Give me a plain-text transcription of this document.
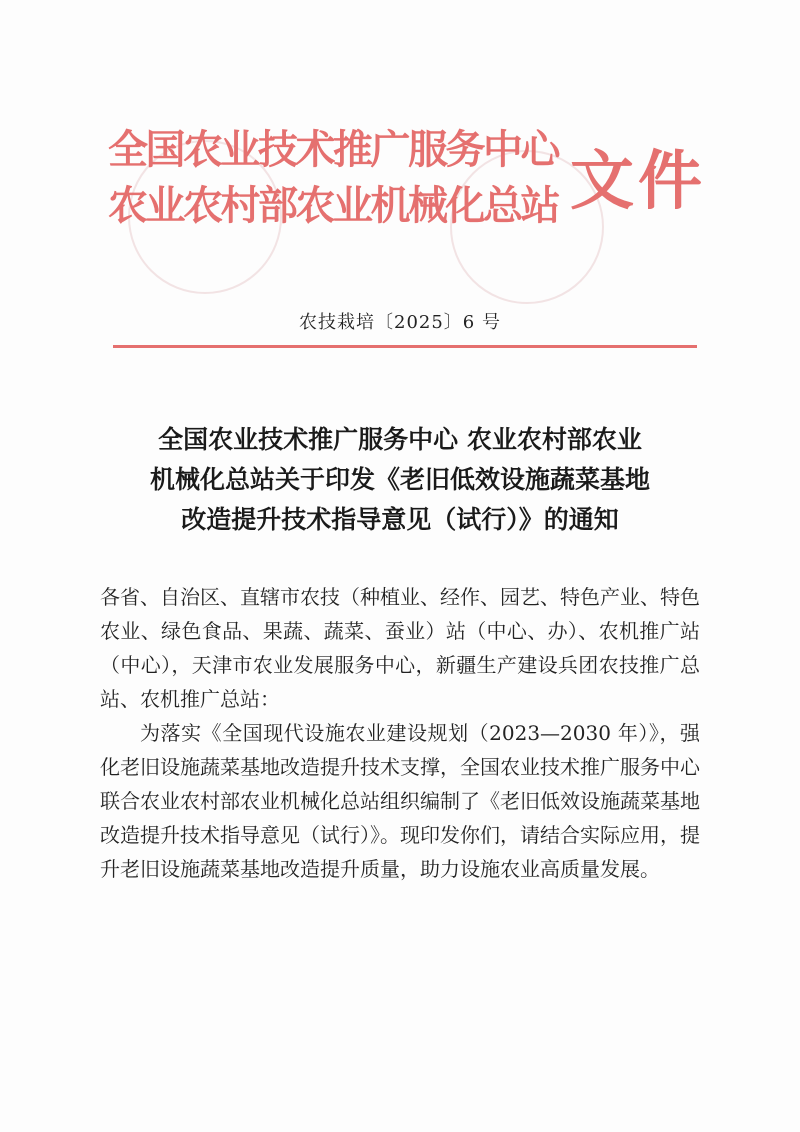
全国农业技术推广服务中心
农业农村部农业机械化总站 文件
农技栽培〔2025〕6 号
全国农业技术推广服务中心 农业农村部农业
机械化总站关于印发《老旧低效设施蔬菜基地
改造提升技术指导意见（试行）》的通知

各省、自治区、直辖市农技（种植业、经作、园艺、特色产业、特色农业、绿色食品、果蔬、蔬菜、蚕业）站（中心、办）、农机推广站（中心），天津市农业发展服务中心，新疆生产建设兵团农技推广总站、农机推广总站：

为落实《全国现代设施农业建设规划（2023—2030 年）》，强化老旧设施蔬菜基地改造提升技术支撑，全国农业技术推广服务中心联合农业农村部农业机械化总站组织编制了《老旧低效设施蔬菜基地改造提升技术指导意见（试行）》。现印发你们，请结合实际应用，提升老旧设施蔬菜基地改造提升质量，助力设施农业高质量发展。
